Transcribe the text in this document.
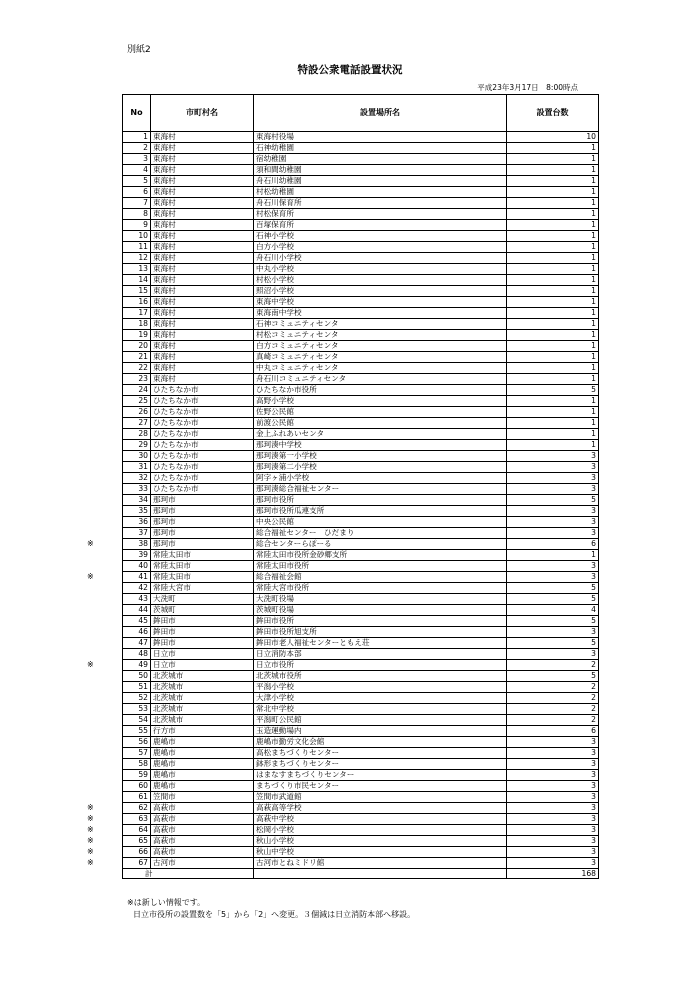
別紙2
特設公衆電話設置状況
平成23年3月17日　8:00時点
No	市町村名	設置場所名	設置台数
1	東海村	東海村役場	10
2	東海村	石神幼稚園	1
3	東海村	宿幼稚園	1
4	東海村	須和間幼稚園	1
5	東海村	舟石川幼稚園	1
6	東海村	村松幼稚園	1
7	東海村	舟石川保育所	1
8	東海村	村松保育所	1
9	東海村	百塚保育所	1
10	東海村	石神小学校	1
11	東海村	白方小学校	1
12	東海村	舟石川小学校	1
13	東海村	中丸小学校	1
14	東海村	村松小学校	1
15	東海村	照沼小学校	1
16	東海村	東海中学校	1
17	東海村	東海南中学校	1
18	東海村	石神コミュニティセンタ	1
19	東海村	村松コミュニティセンタ	1
20	東海村	白方コミュニティセンタ	1
21	東海村	真崎コミュニティセンタ	1
22	東海村	中丸コミュニティセンタ	1
23	東海村	舟石川コミュニティセンタ	1
24	ひたちなか市	ひたちなか市役所	5
25	ひたちなか市	高野小学校	1
26	ひたちなか市	佐野公民館	1
27	ひたちなか市	前渡公民館	1
28	ひたちなか市	金上ふれあいセンタ	1
29	ひたちなか市	那珂湊中学校	1
30	ひたちなか市	那珂湊第一小学校	3
31	ひたちなか市	那珂湊第二小学校	3
32	ひたちなか市	阿字ヶ浦小学校	3
33	ひたちなか市	那珂湊総合福祉センター	3
34	那珂市	那珂市役所	5
35	那珂市	那珂市役所瓜連支所	3
36	那珂市	中央公民館	3
37	那珂市	総合福祉センター　ひだまり	3

※ 38	那珂市	総合センターらぽーる	6
39	常陸太田市	常陸太田市役所金砂郷支所	1
40	常陸太田市	常陸太田市役所	3

※ 41	常陸太田市	総合福祉会館	3
42	常陸大宮市	常陸大宮市役所	5
43	大洗町	大洗町役場	5
44	茨城町	茨城町役場	4
45	鉾田市	鉾田市役所	5
46	鉾田市	鉾田市役所旭支所	3
47	鉾田市	鉾田市老人福祉センターともえ荘	5
48	日立市	日立消防本部	3

※ 49	日立市	日立市役所	2
50	北茨城市	北茨城市役所	5
51	北茨城市	平潟小学校	2
52	北茨城市	大津小学校	2
53	北茨城市	常北中学校	2
54	北茨城市	平潟町公民館	2
55	行方市	玉造運動場内	6
56	鹿嶋市	鹿嶋市勤労文化会館	3
57	鹿嶋市	高松まちづくりセンター	3
58	鹿嶋市	鉢形まちづくりセンター	3
59	鹿嶋市	はまなすまちづくりセンター	3
60	鹿嶋市	まちづくり市民センター	3
61	笠間市	笠間市武道館	3

※ 62	高萩市	高萩高等学校	3

※ 63	高萩市	高萩中学校	3

※ 64	高萩市	松岡小学校	3

※ 65	高萩市	秋山小学校	3

※ 66	高萩市	秋山中学校	3

※ 67	古河市	古河市とねミドリ館	3
計			168
※は新しい情報です。
日立市役所の設置数を「5」から「2」へ変更。３個減は日立消防本部へ移設。
